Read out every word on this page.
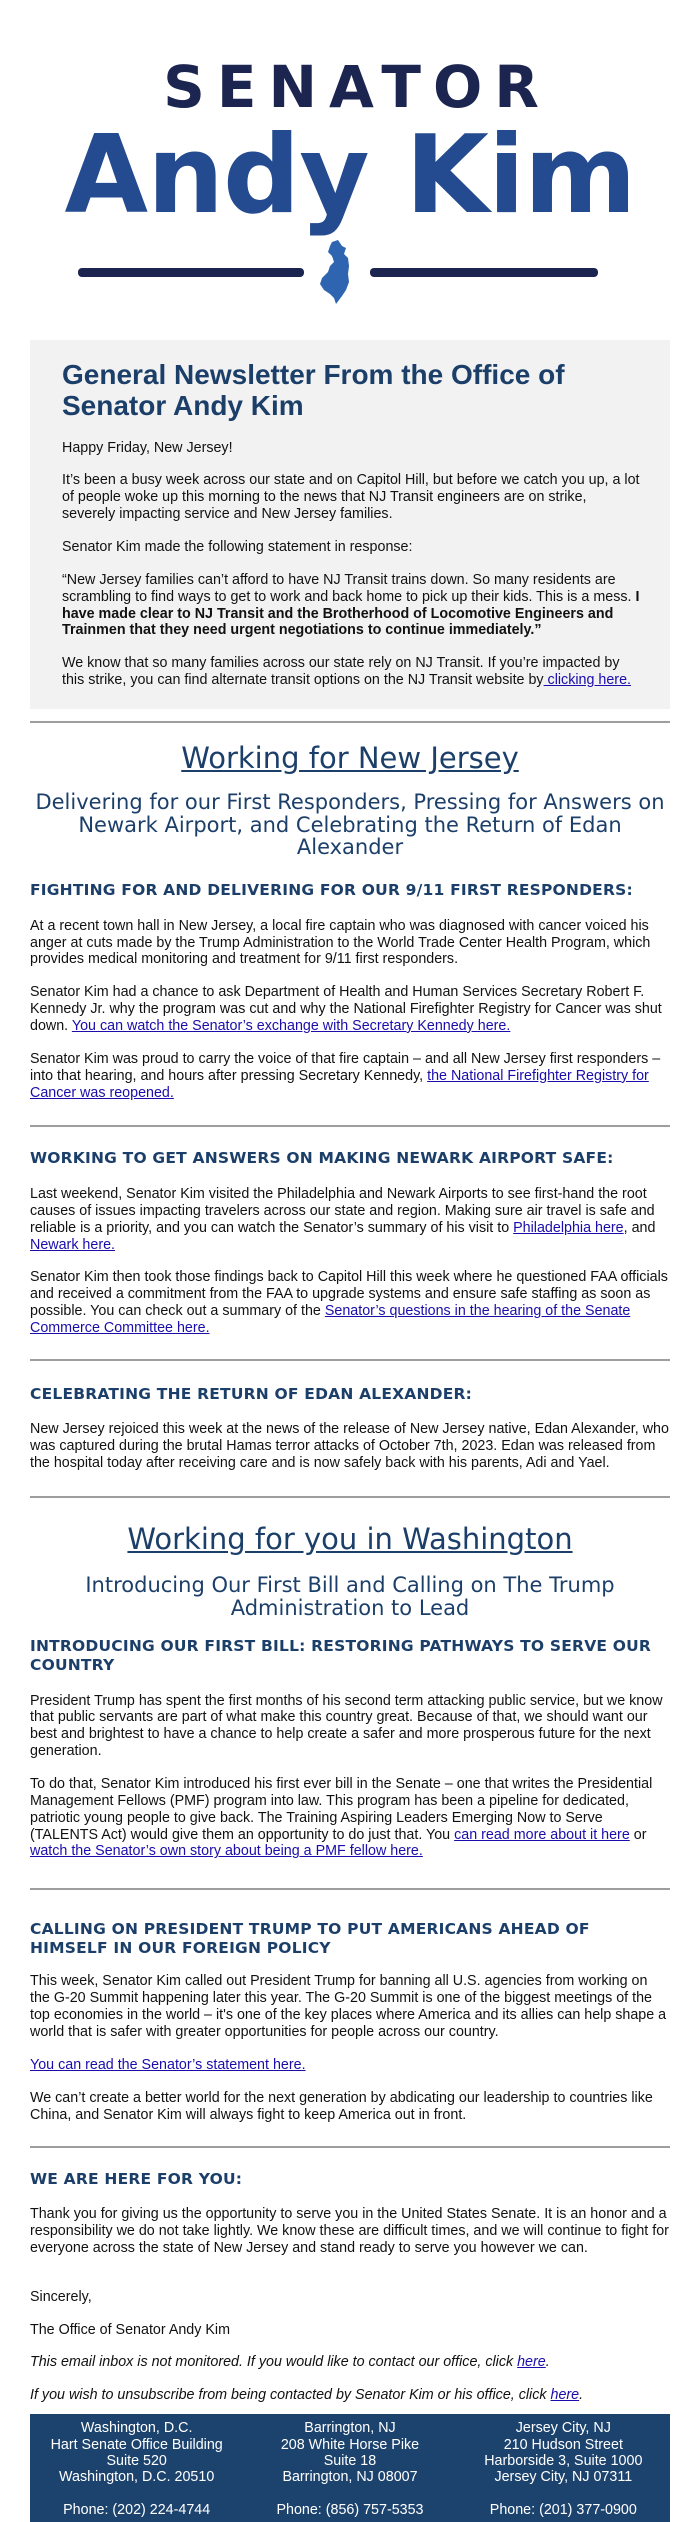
SENATOR
Andy Kim
General Newsletter From the Office of Senator Andy Kim

Happy Friday, New Jersey!

It’s been a busy week across our state and on Capitol Hill, but before we catch you up, a lot of people woke up this morning to the news that NJ Transit engineers are on strike, severely impacting service and New Jersey families.

Senator Kim made the following statement in response:

“New Jersey families can’t afford to have NJ Transit trains down. So many residents are scrambling to find ways to get to work and back home to pick up their kids. This is a mess. I have made clear to NJ Transit and the Brotherhood of Locomotive Engineers and Trainmen that they need urgent negotiations to continue immediately.”

We know that so many families across our state rely on NJ Transit. If you’re impacted by this strike, you can find alternate transit options on the NJ Transit website by clicking here.

Working for New Jersey
Delivering for our First Responders, Pressing for Answers on Newark Airport, and Celebrating the Return of Edan Alexander
FIGHTING FOR AND DELIVERING FOR OUR 9/11 FIRST RESPONDERS:

At a recent town hall in New Jersey, a local fire captain who was diagnosed with cancer voiced his anger at cuts made by the Trump Administration to the World Trade Center Health Program, which provides medical monitoring and treatment for 9/11 first responders.

Senator Kim had a chance to ask Department of Health and Human Services Secretary Robert F. Kennedy Jr. why the program was cut and why the National Firefighter Registry for Cancer was shut down. You can watch the Senator’s exchange with Secretary Kennedy here.

Senator Kim was proud to carry the voice of that fire captain – and all New Jersey first responders – into that hearing, and hours after pressing Secretary Kennedy, the National Firefighter Registry for Cancer was reopened.

WORKING TO GET ANSWERS ON MAKING NEWARK AIRPORT SAFE:

Last weekend, Senator Kim visited the Philadelphia and Newark Airports to see first-hand the root causes of issues impacting travelers across our state and region. Making sure air travel is safe and reliable is a priority, and you can watch the Senator’s summary of his visit to Philadelphia here, and Newark here.

Senator Kim then took those findings back to Capitol Hill this week where he questioned FAA officials and received a commitment from the FAA to upgrade systems and ensure safe staffing as soon as possible. You can check out a summary of the Senator’s questions in the hearing of the Senate Commerce Committee here.

CELEBRATING THE RETURN OF EDAN ALEXANDER:

New Jersey rejoiced this week at the news of the release of New Jersey native, Edan Alexander, who was captured during the brutal Hamas terror attacks of October 7th, 2023. Edan was released from the hospital today after receiving care and is now safely back with his parents, Adi and Yael.

Working for you in Washington
Introducing Our First Bill and Calling on The Trump Administration to Lead
INTRODUCING OUR FIRST BILL: RESTORING PATHWAYS TO SERVE OUR COUNTRY

President Trump has spent the first months of his second term attacking public service, but we know that public servants are part of what make this country great. Because of that, we should want our best and brightest to have a chance to help create a safer and more prosperous future for the next generation.

To do that, Senator Kim introduced his first ever bill in the Senate – one that writes the Presidential Management Fellows (PMF) program into law. This program has been a pipeline for dedicated, patriotic young people to give back. The Training Aspiring Leaders Emerging Now to Serve (TALENTS Act) would give them an opportunity to do just that. You can read more about it here or watch the Senator’s own story about being a PMF fellow here.

CALLING ON PRESIDENT TRUMP TO PUT AMERICANS AHEAD OF HIMSELF IN OUR FOREIGN POLICY

This week, Senator Kim called out President Trump for banning all U.S. agencies from working on the G-20 Summit happening later this year. The G-20 Summit is one of the biggest meetings of the top economies in the world – it's one of the key places where America and its allies can help shape a world that is safer with greater opportunities for people across our country.

You can read the Senator’s statement here.

We can’t create a better world for the next generation by abdicating our leadership to countries like China, and Senator Kim will always fight to keep America out in front.

WE ARE HERE FOR YOU:

Thank you for giving us the opportunity to serve you in the United States Senate. It is an honor and a responsibility we do not take lightly. We know these are difficult times, and we will continue to fight for everyone across the state of New Jersey and stand ready to serve you however we can.

Sincerely,

The Office of Senator Andy Kim

This email inbox is not monitored. If you would like to contact our office, click here.

If you wish to unsubscribe from being contacted by Senator Kim or his office, click here.

Washington, D.C.
Hart Senate Office Building
Suite 520
Washington, D.C. 20510
Phone: (202) 224-4744
Barrington, NJ
208 White Horse Pike
Suite 18
Barrington, NJ 08007
Phone: (856) 757-5353
Jersey City, NJ
210 Hudson Street
Harborside 3, Suite 1000
Jersey City, NJ 07311
Phone: (201) 377-0900
